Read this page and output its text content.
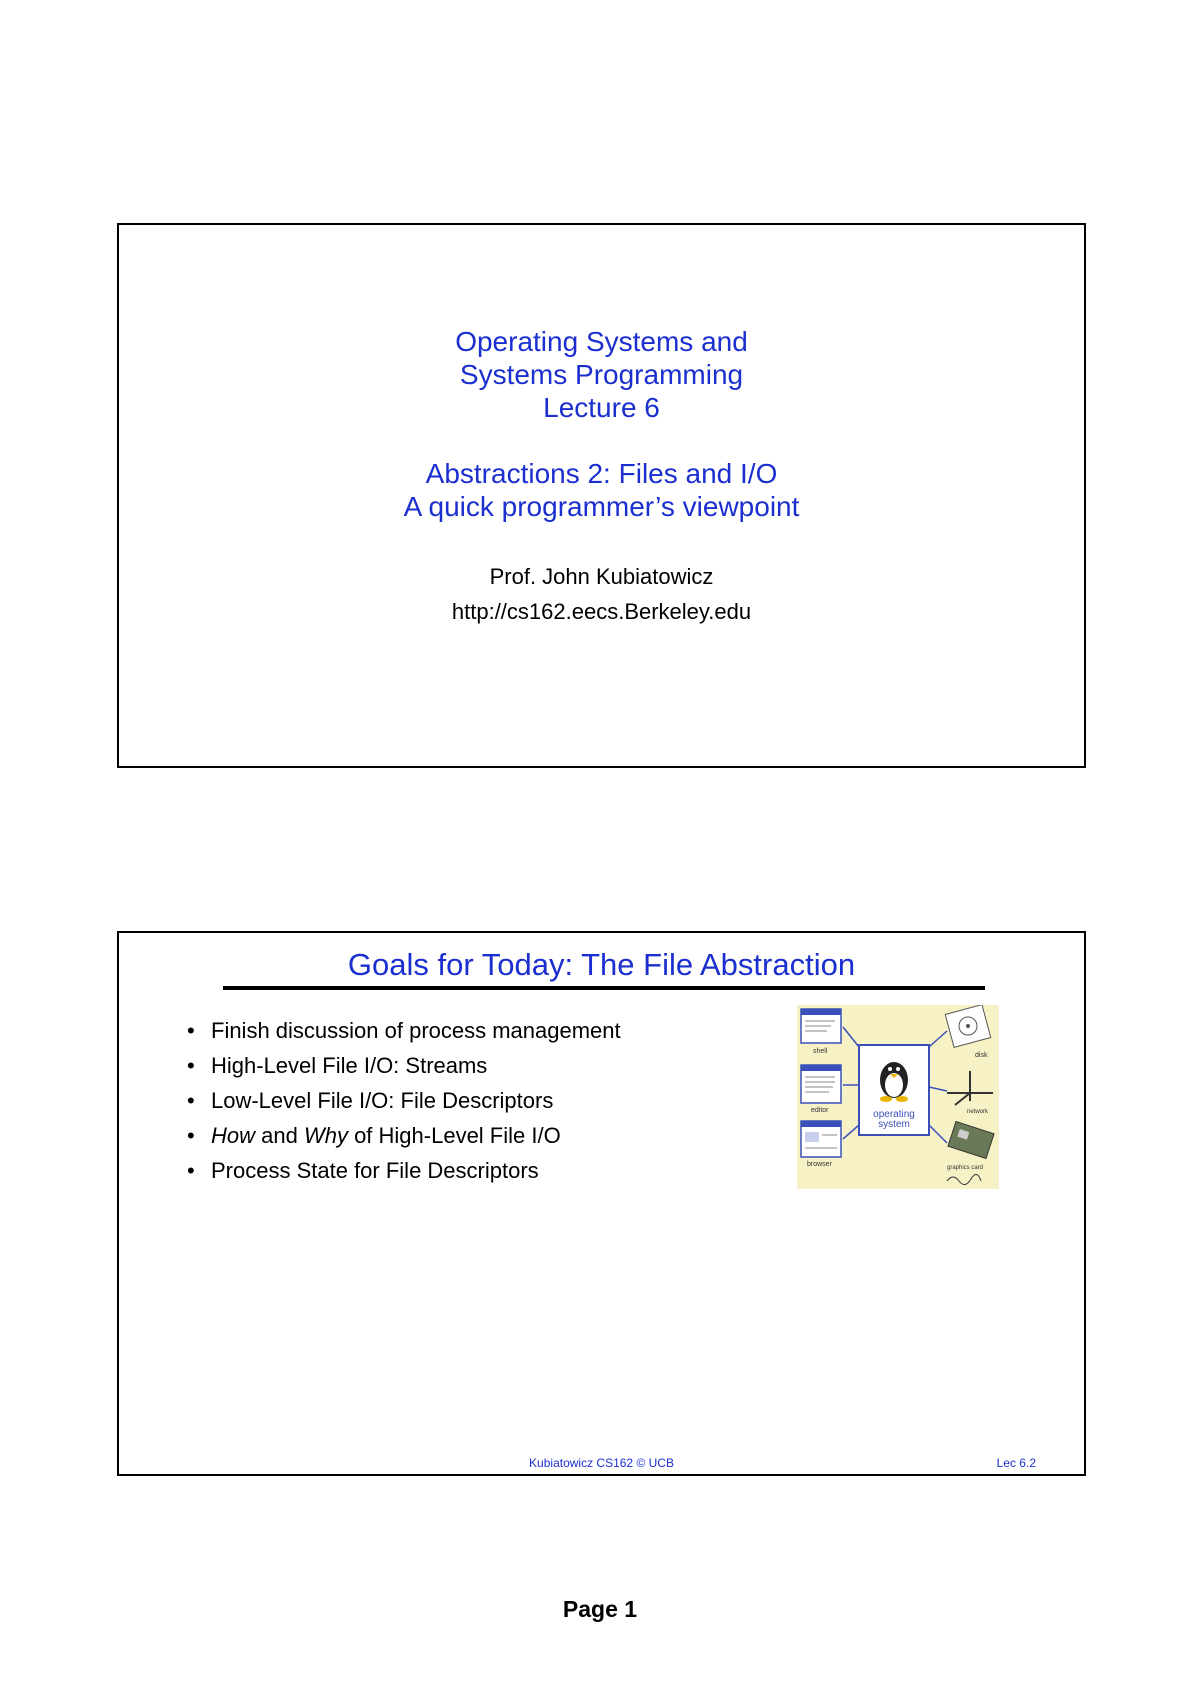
Operating Systems and
Systems Programming
Lecture 6
Abstractions 2: Files and I/O
A quick programmer’s viewpoint
Prof. John Kubiatowicz
http://cs162.eecs.Berkeley.edu
Goals for Today: The File Abstraction
• Finish discussion of process management
• High-Level File I/O: Streams
• Low-Level File I/O: File Descriptors
• How and Why of High-Level File I/O
• Process State for File Descriptors
shell
editor
browser
operating
system
disk
network
graphics card
Kubiatowicz CS162 © UCB	Lec 6.2
Page 1
